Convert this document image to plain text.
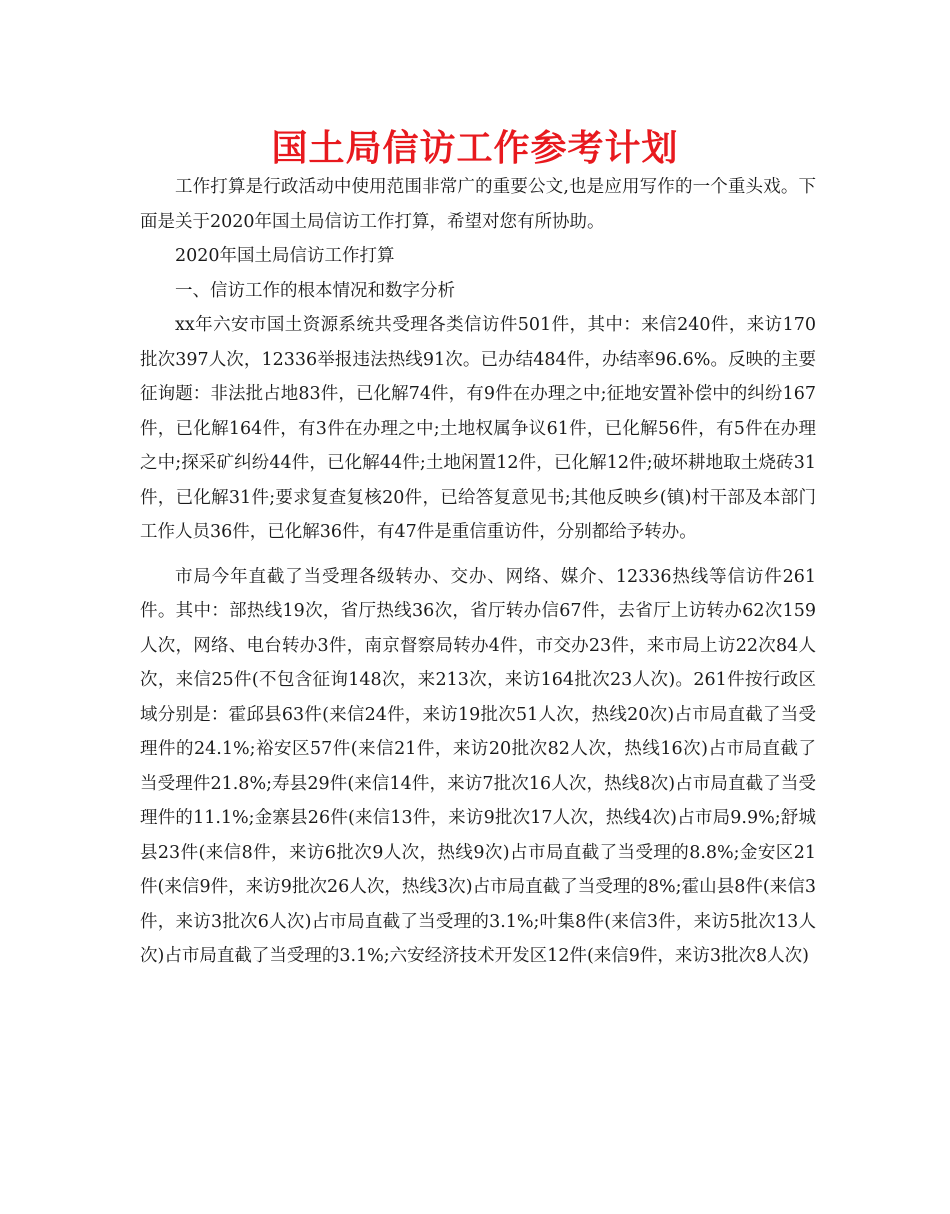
国土局信访工作参考计划

工作打算是行政活动中使用范围非常广的重要公文,也是应用写作的一个重头戏。下面是关于2020年国土局信访工作打算，希望对您有所协助。

2020年国土局信访工作打算

一、信访工作的根本情况和数字分析

xx年六安市国土资源系统共受理各类信访件501件，其中：来信240件，来访170批次397人次，12336举报违法热线91次。已办结484件，办结率96.6%。反映的主要征询题：非法批占地83件，已化解74件，有9件在办理之中;征地安置补偿中的纠纷167件，已化解164件，有3件在办理之中;土地权属争议61件，已化解56件，有5件在办理之中;探采矿纠纷44件，已化解44件;土地闲置12件，已化解12件;破坏耕地取土烧砖31件，已化解31件;要求复查复核20件，已给答复意见书;其他反映乡(镇)村干部及本部门工作人员36件，已化解36件，有47件是重信重访件，分别都给予转办。

市局今年直截了当受理各级转办、交办、网络、媒介、12336热线等信访件261件。其中：部热线19次，省厅热线36次，省厅转办信67件，去省厅上访转办62次159人次，网络、电台转办3件，南京督察局转办4件，市交办23件，来市局上访22次84人次，来信25件(不包含征询148次，来213次，来访164批次23人次)。261件按行政区域分别是：霍邱县63件(来信24件，来访19批次51人次，热线20次)占市局直截了当受理件的24.1%;裕安区57件(来信21件，来访20批次82人次，热线16次)占市局直截了当受理件21.8%;寿县29件(来信14件，来访7批次16人次，热线8次)占市局直截了当受理件的11.1%;金寨县26件(来信13件，来访9批次17人次，热线4次)占市局9.9%;舒城县23件(来信8件，来访6批次9人次，热线9次)占市局直截了当受理的8.8%;金安区21件(来信9件，来访9批次26人次，热线3次)占市局直截了当受理的8%;霍山县8件(来信3件，来访3批次6人次)占市局直截了当受理的3.1%;叶集8件(来信3件，来访5批次13人次)占市局直截了当受理的3.1%;六安经济技术开发区12件(来信9件，来访3批次8人次)
